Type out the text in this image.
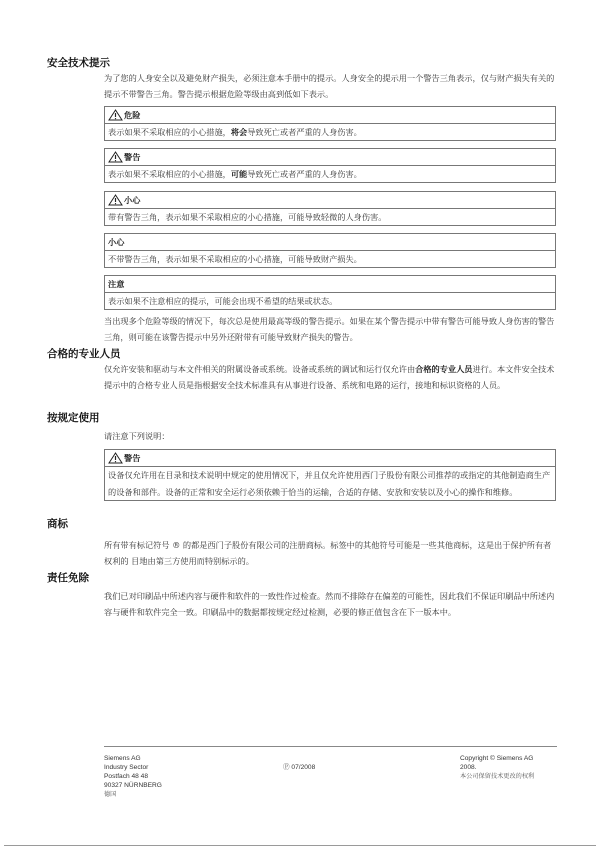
安全技术提示
为了您的人身安全以及避免财产损失，必须注意本手册中的提示。人身安全的提示用一个警告三角表示，仅与财产损失有关的提示不带警告三角。警告提示根据危险等级由高到低如下表示。
危险
表示如果不采取相应的小心措施，将会导致死亡或者严重的人身伤害。
警告
表示如果不采取相应的小心措施，可能导致死亡或者严重的人身伤害。
小心
带有警告三角，表示如果不采取相应的小心措施，可能导致轻微的人身伤害。
小心
不带警告三角，表示如果不采取相应的小心措施，可能导致财产损失。
注意
表示如果不注意相应的提示，可能会出现不希望的结果或状态。
当出现多个危险等级的情况下，每次总是使用最高等级的警告提示。如果在某个警告提示中带有警告可能导致人身伤害的警告三角，则可能在该警告提示中另外还附带有可能导致财产损失的警告。
合格的专业人员
仅允许安装和驱动与本文件相关的附属设备或系统。设备或系统的调试和运行仅允许由合格的专业人员进行。本文件安全技术提示中的合格专业人员是指根据安全技术标准具有从事进行设备、系统和电路的运行，接地和标识资格的人员。
按规定使用
请注意下列说明：
警告
设备仅允许用在目录和技术说明中规定的使用情况下，并且仅允许使用西门子股份有限公司推荐的或指定的其他制造商生产的设备和部件。设备的正常和安全运行必须依赖于恰当的运输，合适的存储、安放和安装以及小心的操作和维修。
商标
所有带有标记符号 ® 的都是西门子股份有限公司的注册商标。标签中的其他符号可能是一些其他商标，这是出于保护所有者权利的 目地由第三方使用而特别标示的。
责任免除
我们已对印刷品中所述内容与硬件和软件的一致性作过检查。然而不排除存在偏差的可能性，因此我们不保证印刷品中所述内容与硬件和软件完全一致。印刷品中的数据都按规定经过检测，必要的修正值包含在下一版本中。
Siemens AG
Industry Sector
Postfach 48 48
90327 NÜRNBERG
德国
Ⓟ 07/2008
Copyright © Siemens AG
2008.
本公司保留技术更改的权利
